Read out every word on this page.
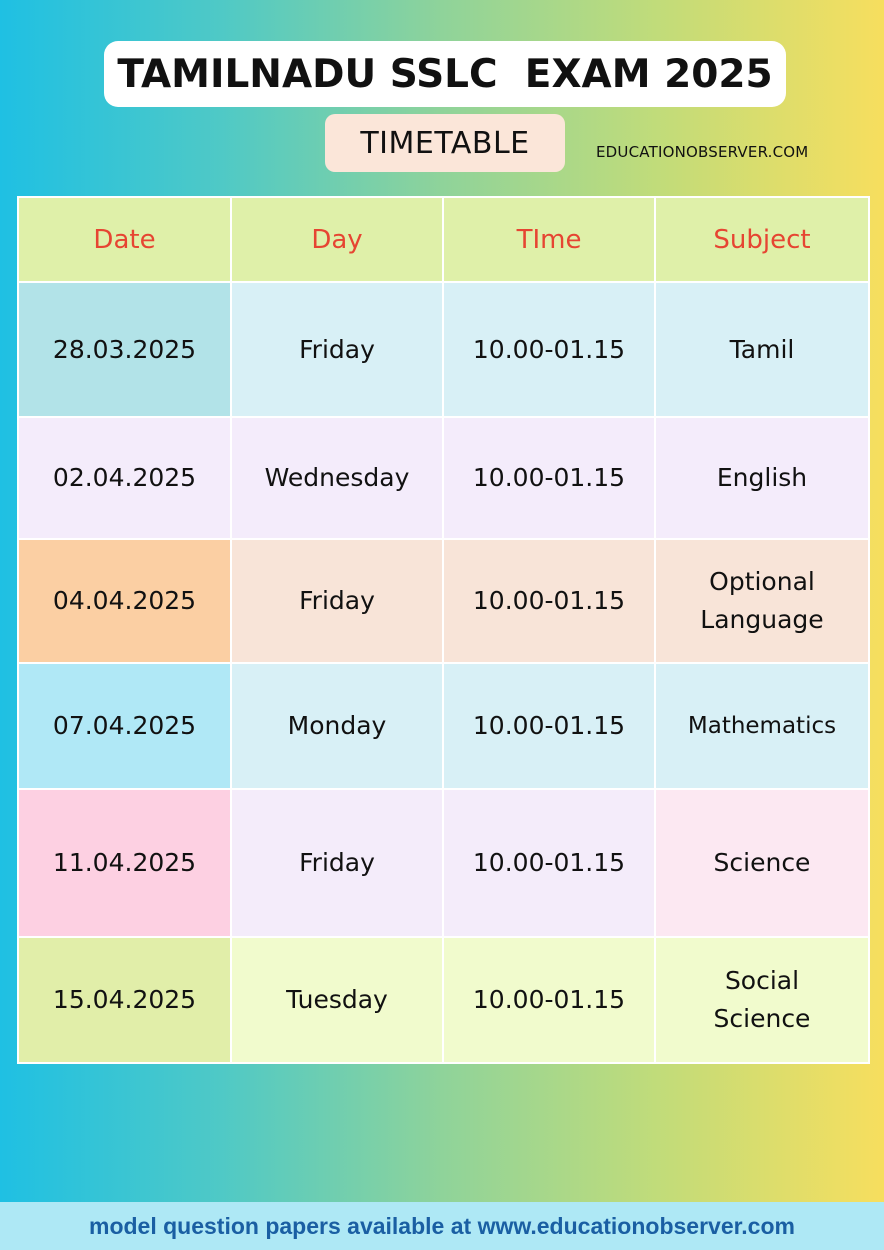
TAMILNADU SSLC  EXAM 2025
TIMETABLE	EDUCATIONOBSERVER.COM
Date	Day	TIme	Subject
28.03.2025	Friday	10.00-01.15	Tamil
02.04.2025	Wednesday	10.00-01.15	English
04.04.2025	Friday	10.00-01.15	Optional Language
07.04.2025	Monday	10.00-01.15	Mathematics
11.04.2025	Friday	10.00-01.15	Science
15.04.2025	Tuesday	10.00-01.15	Social Science
model question papers available at www.educationobserver.com
